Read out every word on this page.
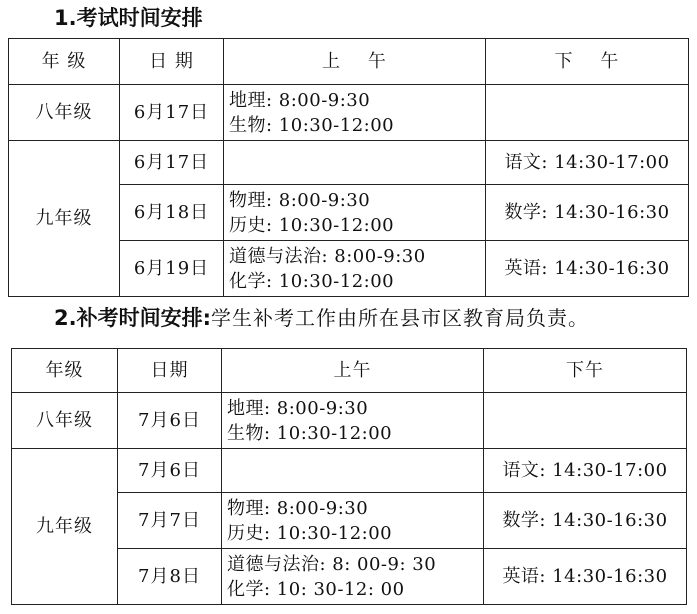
1.考试时间安排
年 级	日 期	上    午	下    午
八年级	6月17日	地理: 8:00-9:30
生物: 10:30-12:00	

九年级	6月17日		语文: 14:30-17:00
	6月18日	物理: 8:00-9:30
历史: 10:30-12:00	数学: 14:30-16:30
	6月19日	道德与法治: 8:00-9:30
化学: 10:30-12:00	英语: 14:30-16:30
2.补考时间安排:学生补考工作由所在县市区教育局负责。
年级	日期	上午	下午
八年级	7月6日	地理: 8:00-9:30
生物: 10:30-12:00	

九年级	7月6日		语文: 14:30-17:00
	7月7日	物理: 8:00-9:30
历史: 10:30-12:00	数学: 14:30-16:30
	7月8日	道德与法治: 8: 00-9: 30
化学: 10: 30-12: 00	英语: 14:30-16:30
